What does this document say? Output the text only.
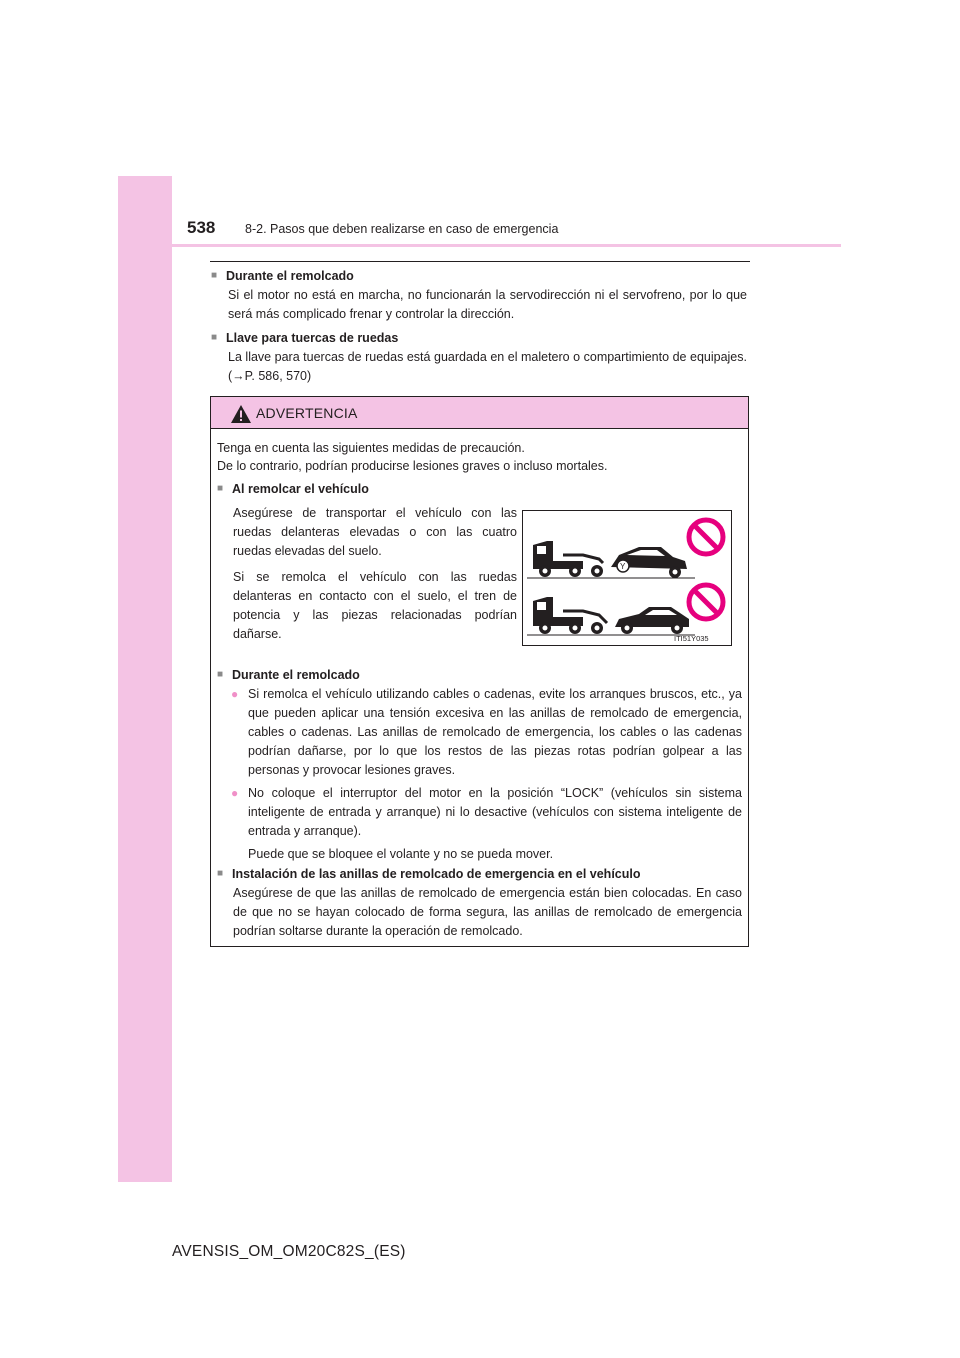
538 8-2. Pasos que deben realizarse en caso de emergencia
■ Durante el remolcado
Si el motor no está en marcha, no funcionarán la servodirección ni el servofreno, por lo que será más complicado frenar y controlar la dirección.
■ Llave para tuercas de ruedas
La llave para tuercas de ruedas está guardada en el maletero o compartimiento de equipajes. (→P. 586, 570)
ADVERTENCIA
Tenga en cuenta las siguientes medidas de precaución.
De lo contrario, podrían producirse lesiones graves o incluso mortales.
■ Al remolcar el vehículo
Asegúrese de transportar el vehículo con las ruedas delanteras elevadas o con las cuatro ruedas elevadas del suelo.
Si se remolca el vehículo con las ruedas delanteras en contacto con el suelo, el tren de potencia y las piezas relacionadas podrían dañarse.
■ Durante el remolcado
● Si remolca el vehículo utilizando cables o cadenas, evite los arranques bruscos, etc., ya que pueden aplicar una tensión excesiva en las anillas de remolcado de emergencia, cables o cadenas. Las anillas de remolcado de emergencia, los cables o las cadenas podrían dañarse, por lo que los restos de las piezas rotas podrían golpear a las personas y provocar lesiones graves.
● No coloque el interruptor del motor en la posición “LOCK” (vehículos sin sistema inteligente de entrada y arranque) ni lo desactive (vehículos con sistema inteligente de entrada y arranque).
Puede que se bloquee el volante y no se pueda mover.
■ Instalación de las anillas de remolcado de emergencia en el vehículo
Asegúrese de que las anillas de remolcado de emergencia están bien colocadas. En caso de que no se hayan colocado de forma segura, las anillas de remolcado de emergencia podrían soltarse durante la operación de remolcado.
Y
ITI51Y035
AVENSIS_OM_OM20C82S_(ES)
